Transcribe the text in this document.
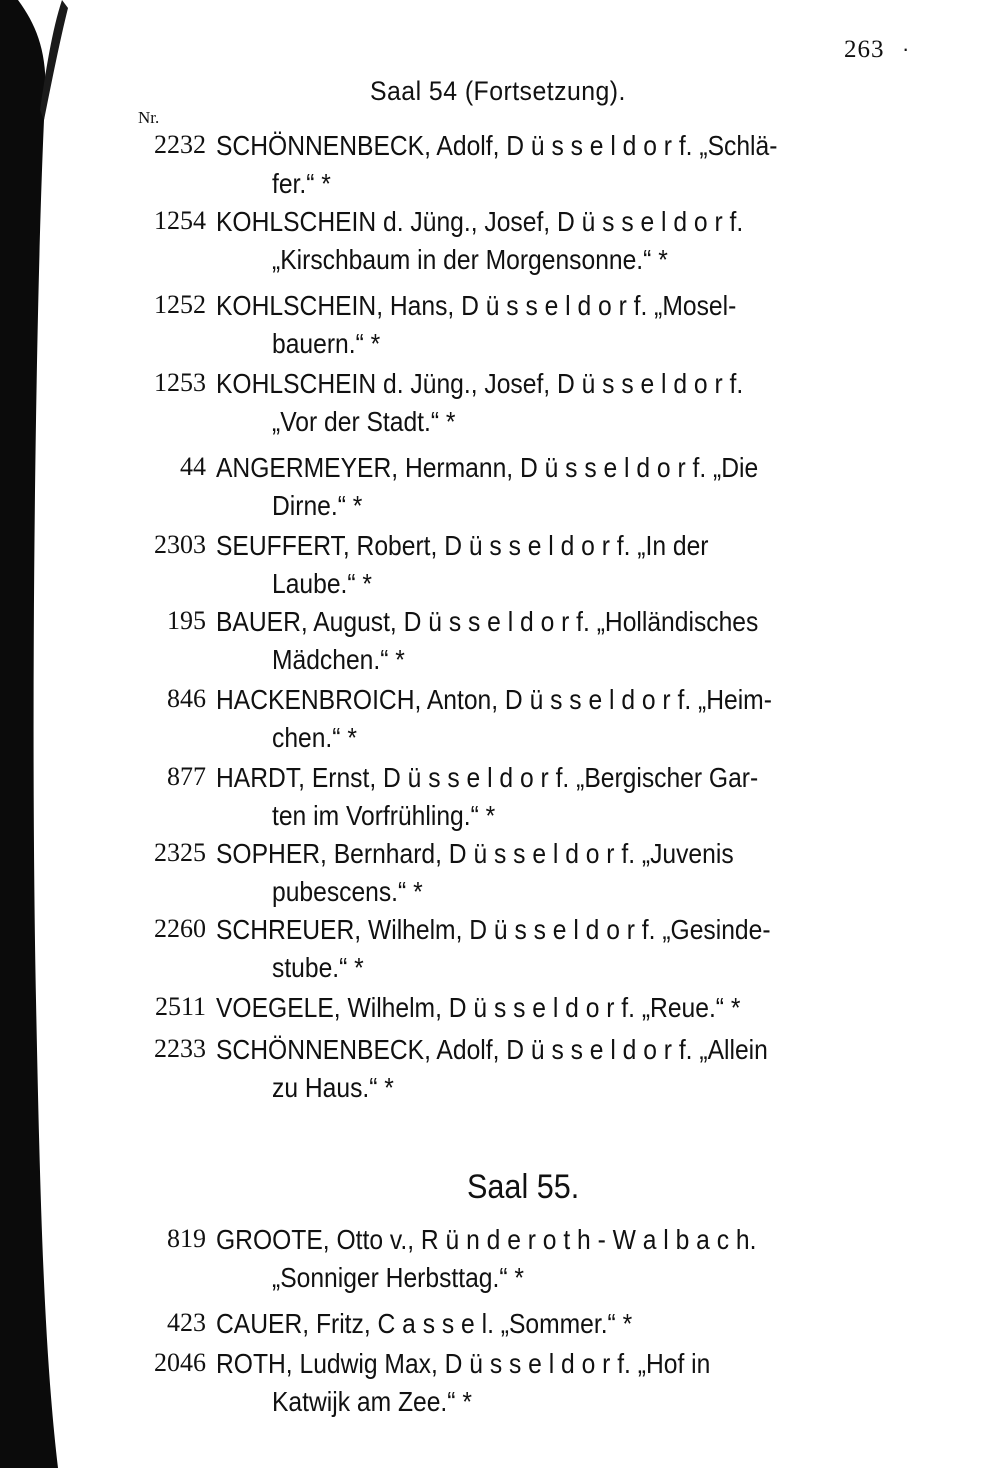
263 ·
Saal 54 (Fortsetzung).
Nr.
2232 SCHÖNNENBECK, Adolf, D ü s s e l d o r f. „Schlä-
fer.“ *
1254 KOHLSCHEIN d. Jüng., Josef, D ü s s e l d o r f.
„Kirschbaum in der Morgensonne.“ *
1252 KOHLSCHEIN, Hans, D ü s s e l d o r f. „Mosel-
bauern.“ *
1253 KOHLSCHEIN d. Jüng., Josef, D ü s s e l d o r f.
„Vor der Stadt.“ *
44 ANGERMEYER, Hermann, D ü s s e l d o r f. „Die
Dirne.“ *
2303 SEUFFERT, Robert, D ü s s e l d o r f. „In der
Laube.“ *
195 BAUER, August, D ü s s e l d o r f. „Holländisches
Mädchen.“ *
846 HACKENBROICH, Anton, D ü s s e l d o r f. „Heim-
chen.“ *
877 HARDT, Ernst, D ü s s e l d o r f. „Bergischer Gar-
ten im Vorfrühling.“ *
2325 SOPHER, Bernhard, D ü s s e l d o r f. „Juvenis
pubescens.“ *
2260 SCHREUER, Wilhelm, D ü s s e l d o r f. „Gesinde-
stube.“ *
2511 VOEGELE, Wilhelm, D ü s s e l d o r f. „Reue.“ *
2233 SCHÖNNENBECK, Adolf, D ü s s e l d o r f. „Allein
zu Haus.“ *
Saal 55.
819 GROOTE, Otto v., R ü n d e r o t h - W a l b a c h.
„Sonniger Herbsttag.“ *
423 CAUER, Fritz, C a s s e l. „Sommer.“ *
2046 ROTH, Ludwig Max, D ü s s e l d o r f. „Hof in
Katwijk am Zee.“ *
